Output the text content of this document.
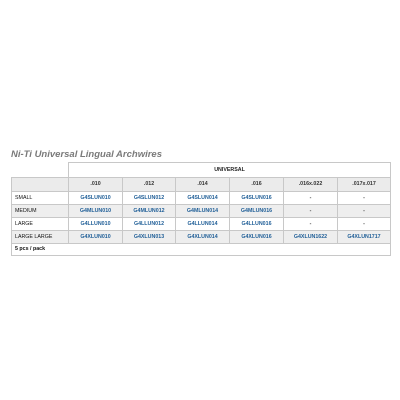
Ni-Ti Universal Lingual Archwires
	UNIVERSAL					
	.010	.012	.014	.016	.016x.022	.017x.017
SMALL	G4SLUN010	G4SLUN012	G4SLUN014	G4SLUN016	-	-
MEDIUM	G4MLUN010	G4MLUN012	G4MLUN014	G4MLUN016	-	-
LARGE	G4LLUN010	G4LLUN012	G4LLUN014	G4LLUN016	-	-
LARGE LARGE	G4XLUN010	G4XLUN013	G4XLUN014	G4XLUN016	G4XLUN1622	G4XLUN1717
5 pcs / pack						
